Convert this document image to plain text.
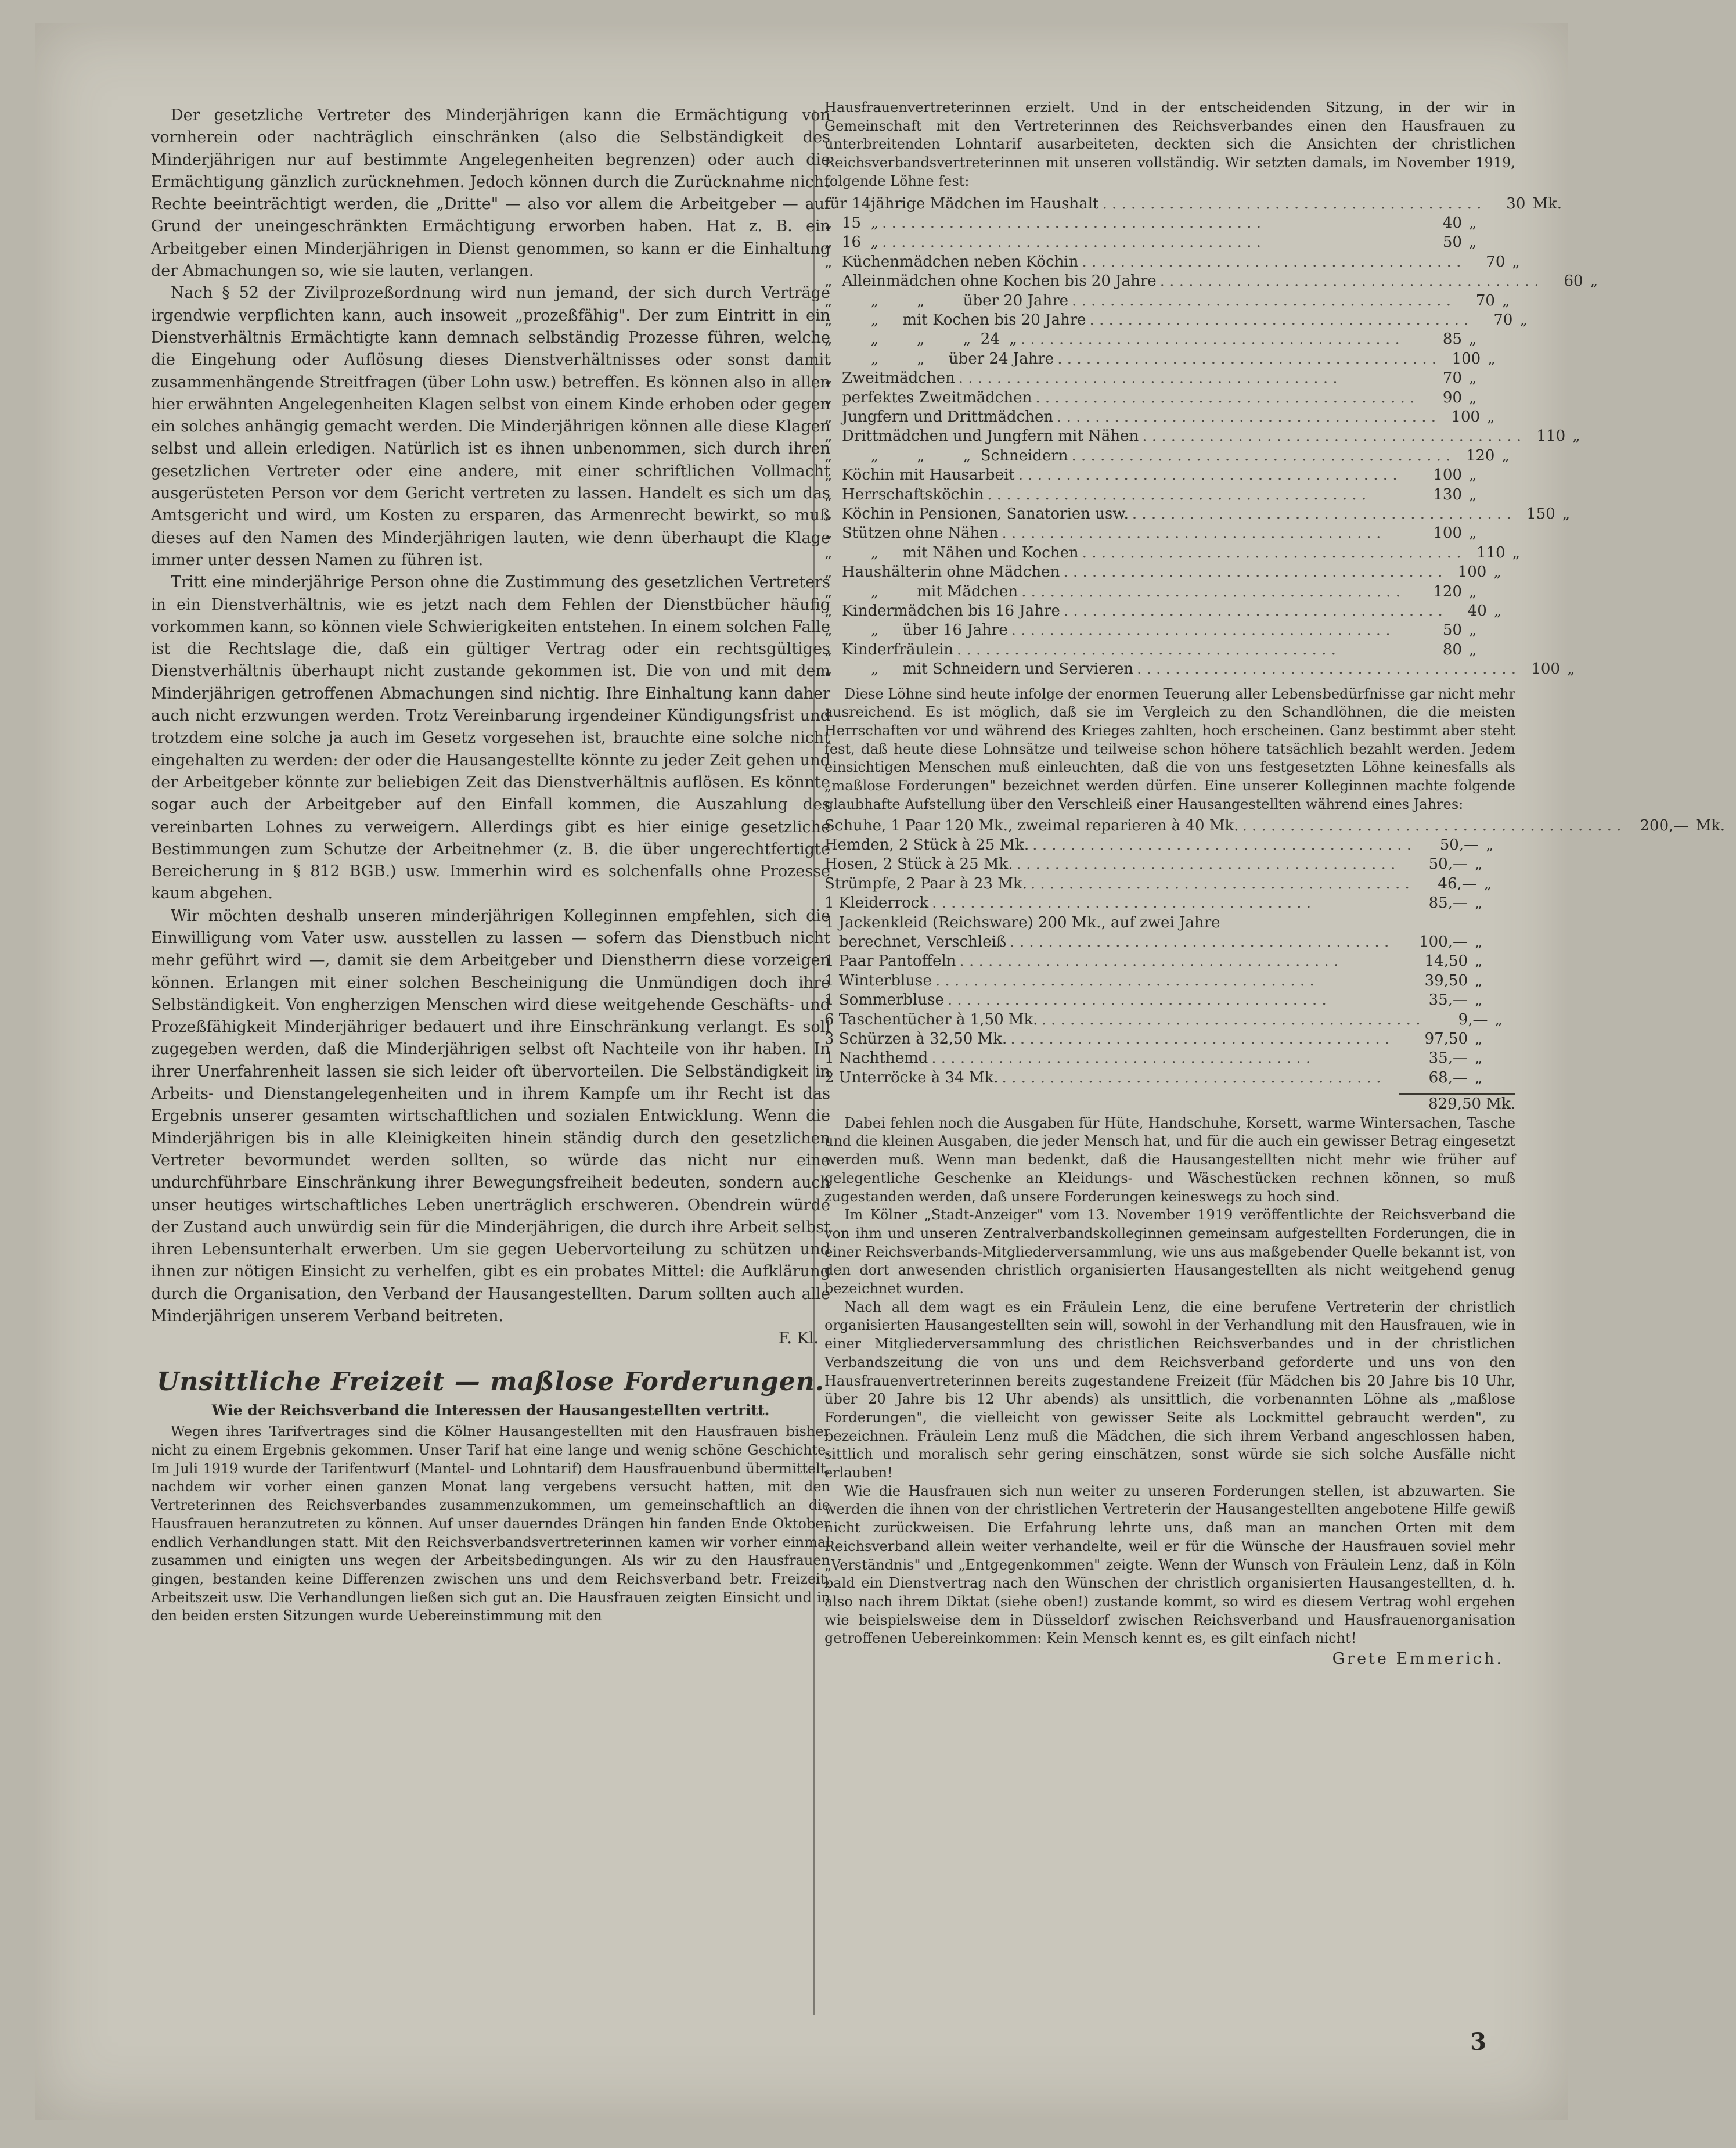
Der gesetzliche Vertreter des Minderjährigen kann die Ermächtigung von vornherein oder nachträglich einschränken (also die Selbständigkeit des Minderjährigen nur auf bestimmte Angelegenheiten begrenzen) oder auch die Ermächtigung gänzlich zurücknehmen. Jedoch können durch die Zurücknahme nicht Rechte beeinträchtigt werden, die „Dritte" — also vor allem die Arbeitgeber — auf Grund der uneingeschränkten Ermächtigung erworben haben. Hat z. B. ein Arbeitgeber einen Minderjährigen in Dienst genommen, so kann er die Einhaltung der Abmachungen so, wie sie lauten, verlangen.

Nach § 52 der Zivilprozeßordnung wird nun jemand, der sich durch Verträge irgendwie verpflichten kann, auch insoweit „prozeßfähig". Der zum Eintritt in ein Dienstverhältnis Ermächtigte kann demnach selbständig Prozesse führen, welche die Eingehung oder Auflösung dieses Dienstverhältnisses oder sonst damit zusammenhängende Streitfragen (über Lohn usw.) betreffen. Es können also in allen hier erwähnten Angelegenheiten Klagen selbst von einem Kinde erhoben oder gegen ein solches anhängig gemacht werden. Die Minderjährigen können alle diese Klagen selbst und allein erledigen. Natürlich ist es ihnen unbenommen, sich durch ihren gesetzlichen Vertreter oder eine andere, mit einer schriftlichen Vollmacht ausgerüsteten Person vor dem Gericht vertreten zu lassen. Handelt es sich um das Amtsgericht und wird, um Kosten zu ersparen, das Armenrecht bewirkt, so muß dieses auf den Namen des Minderjährigen lauten, wie denn überhaupt die Klage immer unter dessen Namen zu führen ist.

Tritt eine minderjährige Person ohne die Zustimmung des gesetzlichen Vertreters in ein Dienstverhältnis, wie es jetzt nach dem Fehlen der Dienstbücher häufig vorkommen kann, so können viele Schwierigkeiten entstehen. In einem solchen Falle ist die Rechtslage die, daß ein gültiger Vertrag oder ein rechtsgültiges Dienstverhältnis überhaupt nicht zustande gekommen ist. Die von und mit dem Minderjährigen getroffenen Abmachungen sind nichtig. Ihre Einhaltung kann daher auch nicht erzwungen werden. Trotz Vereinbarung irgendeiner Kündigungsfrist und trotzdem eine solche ja auch im Gesetz vorgesehen ist, brauchte eine solche nicht eingehalten zu werden: der oder die Hausangestellte könnte zu jeder Zeit gehen und der Arbeitgeber könnte zur beliebigen Zeit das Dienstverhältnis auflösen. Es könnte sogar auch der Arbeitgeber auf den Einfall kommen, die Auszahlung des vereinbarten Lohnes zu verweigern. Allerdings gibt es hier einige gesetzliche Bestimmungen zum Schutze der Arbeitnehmer (z. B. die über ungerechtfertigte Bereicherung in § 812 BGB.) usw. Immerhin wird es solchenfalls ohne Prozesse kaum abgehen.

Wir möchten deshalb unseren minderjährigen Kolleginnen empfehlen, sich die Einwilligung vom Vater usw. ausstellen zu lassen — sofern das Dienstbuch nicht mehr geführt wird —, damit sie dem Arbeitgeber und Dienstherrn diese vorzeigen können. Erlangen mit einer solchen Bescheinigung die Unmündigen doch ihre Selbständigkeit. Von engherzigen Menschen wird diese weitgehende Geschäfts- und Prozeßfähigkeit Minderjähriger bedauert und ihre Einschränkung verlangt. Es soll zugegeben werden, daß die Minderjährigen selbst oft Nachteile von ihr haben. In ihrer Unerfahrenheit lassen sie sich leider oft übervorteilen. Die Selbständigkeit in Arbeits- und Dienstangelegenheiten und in ihrem Kampfe um ihr Recht ist das Ergebnis unserer gesamten wirtschaftlichen und sozialen Entwicklung. Wenn die Minderjährigen bis in alle Kleinigkeiten hinein ständig durch den gesetzlichen Vertreter bevormundet werden sollten, so würde das nicht nur eine undurchführbare Einschränkung ihrer Bewegungsfreiheit bedeuten, sondern auch unser heutiges wirtschaftliches Leben unerträglich erschweren. Obendrein würde der Zustand auch unwürdig sein für die Minderjährigen, die durch ihre Arbeit selbst ihren Lebensunterhalt erwerben. Um sie gegen Uebervorteilung zu schützen und ihnen zur nötigen Einsicht zu verhelfen, gibt es ein probates Mittel: die Aufklärung durch die Organisation, den Verband der Hausangestellten. Darum sollten auch alle Minderjährigen unserem Verband beitreten.

F. Kl.
Unsittliche Freizeit — maßlose Forderungen.
Wie der Reichsverband die Interessen der Hausangestellten vertritt.

Wegen ihres Tarifvertrages sind die Kölner Hausangestellten mit den Hausfrauen bisher nicht zu einem Ergebnis gekommen. Unser Tarif hat eine lange und wenig schöne Geschichte. Im Juli 1919 wurde der Tarifentwurf (Mantel- und Lohntarif) dem Hausfrauenbund übermittelt, nachdem wir vorher einen ganzen Monat lang vergebens versucht hatten, mit den Vertreterinnen des Reichsverbandes zusammenzukommen, um gemeinschaftlich an die Hausfrauen heranzutreten zu können. Auf unser dauerndes Drängen hin fanden Ende Oktober endlich Verhandlungen statt. Mit den Reichsverbandsvertreterinnen kamen wir vorher einmal zusammen und einigten uns wegen der Arbeitsbedingungen. Als wir zu den Hausfrauen gingen, bestanden keine Differenzen zwischen uns und dem Reichsverband betr. Freizeit, Arbeitszeit usw. Die Verhandlungen ließen sich gut an. Die Hausfrauen zeigten Einsicht und in den beiden ersten Sitzungen wurde Uebereinstimmung mit den

Hausfrauenvertreterinnen erzielt. Und in der entscheidenden Sitzung, in der wir in Gemeinschaft mit den Vertreterinnen des Reichsverbandes einen den Hausfrauen zu unterbreitenden Lohntarif ausarbeiteten, deckten sich die Ansichten der christlichen Reichsverbandsvertreterinnen mit unseren vollständig. Wir setzten damals, im November 1919, folgende Löhne fest:

für 14jährige Mädchen im Haushalt . . . . . . . . . . . . . . . . . . . . . . . . . . . . . . . . . . . . . . . .	30 Mk.
„  15  „ . . . . . . . . . . . . . . . . . . . . . . . . . . . . . . . . . . . . . . . .	40 „
„  16  „ . . . . . . . . . . . . . . . . . . . . . . . . . . . . . . . . . . . . . . . .	50 „
„  Küchenmädchen neben Köchin . . . . . . . . . . . . . . . . . . . . . . . . . . . . . . . . . . . . . . . .	70 „
„  Alleinmädchen ohne Kochen bis 20 Jahre . . . . . . . . . . . . . . . . . . . . . . . . . . . . . . . . . . . . . . . .	60 „
„        „        „        über 20 Jahre . . . . . . . . . . . . . . . . . . . . . . . . . . . . . . . . . . . . . . . .	70 „
„        „     mit Kochen bis 20 Jahre . . . . . . . . . . . . . . . . . . . . . . . . . . . . . . . . . . . . . . . .	70 „
„        „        „        „  24  „ . . . . . . . . . . . . . . . . . . . . . . . . . . . . . . . . . . . . . . . .	85 „
„        „        „     über 24 Jahre . . . . . . . . . . . . . . . . . . . . . . . . . . . . . . . . . . . . . . . .	100 „
„  Zweitmädchen . . . . . . . . . . . . . . . . . . . . . . . . . . . . . . . . . . . . . . . .	70 „
„  perfektes Zweitmädchen . . . . . . . . . . . . . . . . . . . . . . . . . . . . . . . . . . . . . . . .	90 „
„  Jungfern und Drittmädchen . . . . . . . . . . . . . . . . . . . . . . . . . . . . . . . . . . . . . . . .	100 „
„  Drittmädchen und Jungfern mit Nähen . . . . . . . . . . . . . . . . . . . . . . . . . . . . . . . . . . . . . . . .	110 „
„        „        „        „  Schneidern . . . . . . . . . . . . . . . . . . . . . . . . . . . . . . . . . . . . . . . .	120 „
„  Köchin mit Hausarbeit . . . . . . . . . . . . . . . . . . . . . . . . . . . . . . . . . . . . . . . .	100 „
„  Herrschaftsköchin . . . . . . . . . . . . . . . . . . . . . . . . . . . . . . . . . . . . . . . .	130 „
„  Köchin in Pensionen, Sanatorien usw. . . . . . . . . . . . . . . . . . . . . . . . . . . . . . . . . . . . . . . . .	150 „
„  Stützen ohne Nähen . . . . . . . . . . . . . . . . . . . . . . . . . . . . . . . . . . . . . . . .	100 „
„        „     mit Nähen und Kochen . . . . . . . . . . . . . . . . . . . . . . . . . . . . . . . . . . . . . . . .	110 „
„  Haushälterin ohne Mädchen . . . . . . . . . . . . . . . . . . . . . . . . . . . . . . . . . . . . . . . .	100 „
„        „        mit Mädchen . . . . . . . . . . . . . . . . . . . . . . . . . . . . . . . . . . . . . . . .	120 „
„  Kindermädchen bis 16 Jahre . . . . . . . . . . . . . . . . . . . . . . . . . . . . . . . . . . . . . . . .	40 „
„        „     über 16 Jahre . . . . . . . . . . . . . . . . . . . . . . . . . . . . . . . . . . . . . . . .	50 „
„  Kinderfräulein . . . . . . . . . . . . . . . . . . . . . . . . . . . . . . . . . . . . . . . .	80 „
„        „     mit Schneidern und Servieren . . . . . . . . . . . . . . . . . . . . . . . . . . . . . . . . . . . . . . . .	100 „

Diese Löhne sind heute infolge der enormen Teuerung aller Lebensbedürfnisse gar nicht mehr ausreichend. Es ist möglich, daß sie im Vergleich zu den Schandlöhnen, die die meisten Herrschaften vor und während des Krieges zahlten, hoch erscheinen. Ganz bestimmt aber steht fest, daß heute diese Lohnsätze und teilweise schon höhere tatsächlich bezahlt werden. Jedem einsichtigen Menschen muß einleuchten, daß die von uns festgesetzten Löhne keinesfalls als „maßlose Forderungen" bezeichnet werden dürfen. Eine unserer Kolleginnen machte folgende glaubhafte Aufstellung über den Verschleiß einer Hausangestellten während eines Jahres:

Schuhe, 1 Paar 120 Mk., zweimal reparieren à 40 Mk. . . . . . . . . . . . . . . . . . . . . . . . . . . . . . . . . . . . . . . . .	200,— Mk.
Hemden, 2 Stück à 25 Mk. . . . . . . . . . . . . . . . . . . . . . . . . . . . . . . . . . . . . . . . .	50,— „
Hosen, 2 Stück à 25 Mk. . . . . . . . . . . . . . . . . . . . . . . . . . . . . . . . . . . . . . . . .	50,— „
Strümpfe, 2 Paar à 23 Mk. . . . . . . . . . . . . . . . . . . . . . . . . . . . . . . . . . . . . . . . .	46,— „
1 Kleiderrock . . . . . . . . . . . . . . . . . . . . . . . . . . . . . . . . . . . . . . . .	85,— „
1 Jackenkleid (Reichsware) 200 Mk., auf zwei Jahre
berechnet, Verschleiß . . . . . . . . . . . . . . . . . . . . . . . . . . . . . . . . . . . . . . . .	100,— „
1 Paar Pantoffeln . . . . . . . . . . . . . . . . . . . . . . . . . . . . . . . . . . . . . . . .	14,50 „
1 Winterbluse . . . . . . . . . . . . . . . . . . . . . . . . . . . . . . . . . . . . . . . .	39,50 „
1 Sommerbluse . . . . . . . . . . . . . . . . . . . . . . . . . . . . . . . . . . . . . . . .	35,— „
6 Taschentücher à 1,50 Mk. . . . . . . . . . . . . . . . . . . . . . . . . . . . . . . . . . . . . . . . .	9,— „
3 Schürzen à 32,50 Mk. . . . . . . . . . . . . . . . . . . . . . . . . . . . . . . . . . . . . . . . .	97,50 „
1 Nachthemd . . . . . . . . . . . . . . . . . . . . . . . . . . . . . . . . . . . . . . . .	35,— „
2 Unterröcke à 34 Mk. . . . . . . . . . . . . . . . . . . . . . . . . . . . . . . . . . . . . . . . .	68,— „
829,50 Mk.

Dabei fehlen noch die Ausgaben für Hüte, Handschuhe, Korsett, warme Wintersachen, Tasche und die kleinen Ausgaben, die jeder Mensch hat, und für die auch ein gewisser Betrag eingesetzt werden muß. Wenn man bedenkt, daß die Hausangestellten nicht mehr wie früher auf gelegentliche Geschenke an Kleidungs- und Wäschestücken rechnen können, so muß zugestanden werden, daß unsere Forderungen keineswegs zu hoch sind.

Im Kölner „Stadt-Anzeiger" vom 13. November 1919 veröffentlichte der Reichsverband die von ihm und unseren Zentralverbandskolleginnen gemeinsam aufgestellten Forderungen, die in einer Reichsverbands-Mitgliederversammlung, wie uns aus maßgebender Quelle bekannt ist, von den dort anwesenden christlich organisierten Hausangestellten als nicht weitgehend genug bezeichnet wurden.

Nach all dem wagt es ein Fräulein Lenz, die eine berufene Vertreterin der christlich organisierten Hausangestellten sein will, sowohl in der Verhandlung mit den Hausfrauen, wie in einer Mitgliederversammlung des christlichen Reichsverbandes und in der christlichen Verbandszeitung die von uns und dem Reichsverband geforderte und uns von den Hausfrauenvertreterinnen bereits zugestandene Freizeit (für Mädchen bis 20 Jahre bis 10 Uhr, über 20 Jahre bis 12 Uhr abends) als unsittlich, die vorbenannten Löhne als „maßlose Forderungen", die vielleicht von gewisser Seite als Lockmittel gebraucht werden", zu bezeichnen. Fräulein Lenz muß die Mädchen, die sich ihrem Verband angeschlossen haben, sittlich und moralisch sehr gering einschätzen, sonst würde sie sich solche Ausfälle nicht erlauben!

Wie die Hausfrauen sich nun weiter zu unseren Forderungen stellen, ist abzuwarten. Sie werden die ihnen von der christlichen Vertreterin der Hausangestellten angebotene Hilfe gewiß nicht zurückweisen. Die Erfahrung lehrte uns, daß man an manchen Orten mit dem Reichsverband allein weiter verhandelte, weil er für die Wünsche der Hausfrauen soviel mehr „Verständnis" und „Entgegenkommen" zeigte. Wenn der Wunsch von Fräulein Lenz, daß in Köln bald ein Dienstvertrag nach den Wünschen der christlich organisierten Hausangestellten, d. h. also nach ihrem Diktat (siehe oben!) zustande kommt, so wird es diesem Vertrag wohl ergehen wie beispielsweise dem in Düsseldorf zwischen Reichsverband und Hausfrauenorganisation getroffenen Uebereinkommen: Kein Mensch kennt es, es gilt einfach nicht!

Grete Emmerich.
3
